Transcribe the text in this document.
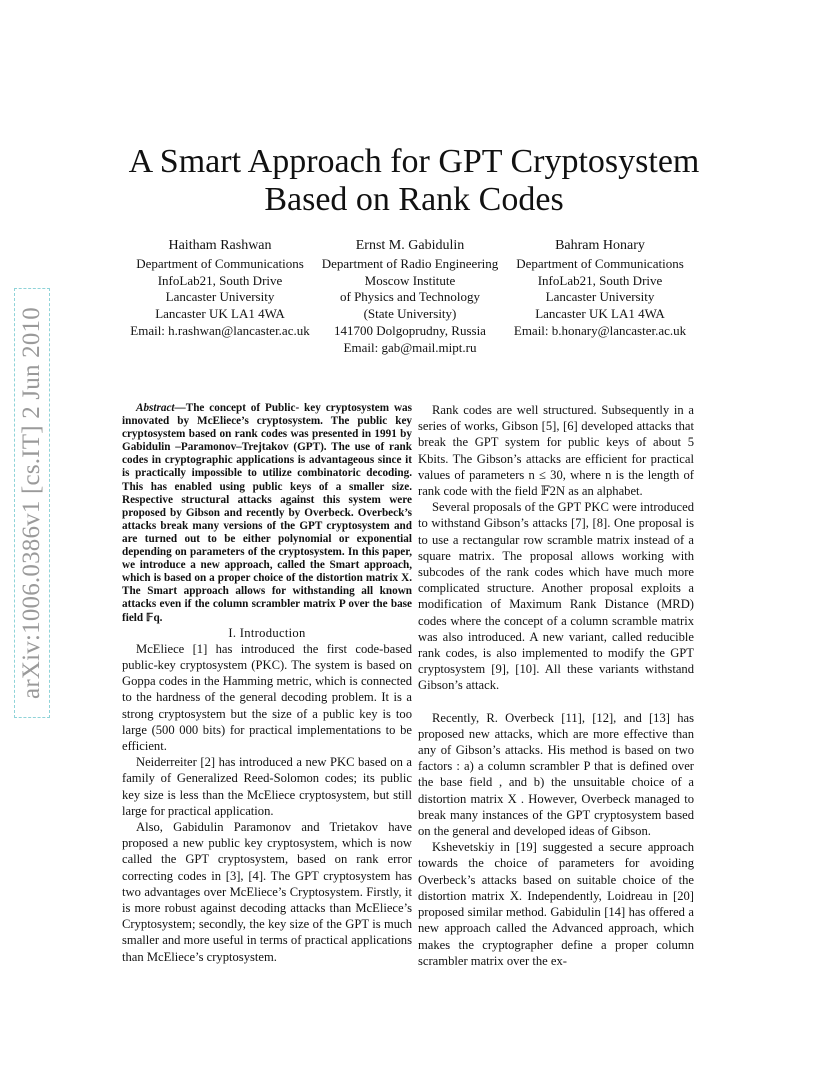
arXiv:1006.0386v1 [cs.IT] 2 Jun 2010
A Smart Approach for GPT Cryptosystem
Based on Rank Codes
Haitham Rashwan
Department of Communications
InfoLab21, South Drive
Lancaster University
Lancaster UK LA1 4WA
Email: h.rashwan@lancaster.ac.uk
Ernst M. Gabidulin
Department of Radio Engineering
Moscow Institute
of Physics and Technology
(State University)
141700 Dolgoprudny, Russia
Email: gab@mail.mipt.ru
Bahram Honary
Department of Communications
InfoLab21, South Drive
Lancaster University
Lancaster UK LA1 4WA
Email: b.honary@lancaster.ac.uk

Abstract—The concept of Public- key cryptosystem was innovated by McEliece’s cryptosystem. The public key cryptosystem based on rank codes was presented in 1991 by Gabidulin –Paramonov–Trejtakov (GPT). The use of rank codes in cryptographic applications is advantageous since it is practically impossible to utilize combinatoric decoding. This has enabled using public keys of a smaller size. Respective structural attacks against this system were proposed by Gibson and recently by Overbeck. Overbeck’s attacks break many versions of the GPT cryptosystem and are turned out to be either polynomial or exponential depending on parameters of the cryptosystem. In this paper, we introduce a new approach, called the Smart approach, which is based on a proper choice of the distortion matrix X. The Smart approach allows for withstanding all known attacks even if the column scrambler matrix P over the base field 𝔽q.

I. Introduction

McEliece [1] has introduced the first code-based public-key cryptosystem (PKC). The system is based on Goppa codes in the Hamming metric, which is connected to the hardness of the general decoding problem. It is a strong cryptosystem but the size of a public key is too large (500 000 bits) for practical implementations to be efficient.

Neiderreiter [2] has introduced a new PKC based on a family of Generalized Reed-Solomon codes; its public key size is less than the McEliece cryptosystem, but still large for practical application.

Also, Gabidulin Paramonov and Trietakov have proposed a new public key cryptosystem, which is now called the GPT cryptosystem, based on rank error correcting codes in [3], [4]. The GPT cryptosystem has two advantages over McEliece’s Cryptosystem. Firstly, it is more robust against decoding attacks than McEliece’s Cryptosystem; secondly, the key size of the GPT is much smaller and more useful in terms of practical applications than McEliece’s cryptosystem.

Rank codes are well structured. Subsequently in a series of works, Gibson [5], [6] developed attacks that break the GPT system for public keys of about 5 Kbits. The Gibson’s attacks are efficient for practical values of parameters n ≤ 30, where n is the length of rank code with the field 𝔽2N as an alphabet.

Several proposals of the GPT PKC were introduced to withstand Gibson’s attacks [7], [8]. One proposal is to use a rectangular row scramble matrix instead of a square matrix. The proposal allows working with subcodes of the rank codes which have much more complicated structure. Another proposal exploits a modification of Maximum Rank Distance (MRD) codes where the concept of a column scramble matrix was also introduced. A new variant, called reducible rank codes, is also implemented to modify the GPT cryptosystem [9], [10]. All these variants withstand Gibson’s attack.

Recently, R. Overbeck [11], [12], and [13] has proposed new attacks, which are more effective than any of Gibson’s attacks. His method is based on two factors : a) a column scrambler P that is defined over the base field , and b) the unsuitable choice of a distortion matrix X . However, Overbeck managed to break many instances of the GPT cryptosystem based on the general and developed ideas of Gibson.

Kshevetskiy in [19] suggested a secure approach towards the choice of parameters for avoiding Overbeck’s attacks based on suitable choice of the distortion matrix X. Independently, Loidreau in [20] proposed similar method. Gabidulin [14] has offered a new approach called the Advanced approach, which makes the cryptographer define a proper column scrambler matrix over the ex-
